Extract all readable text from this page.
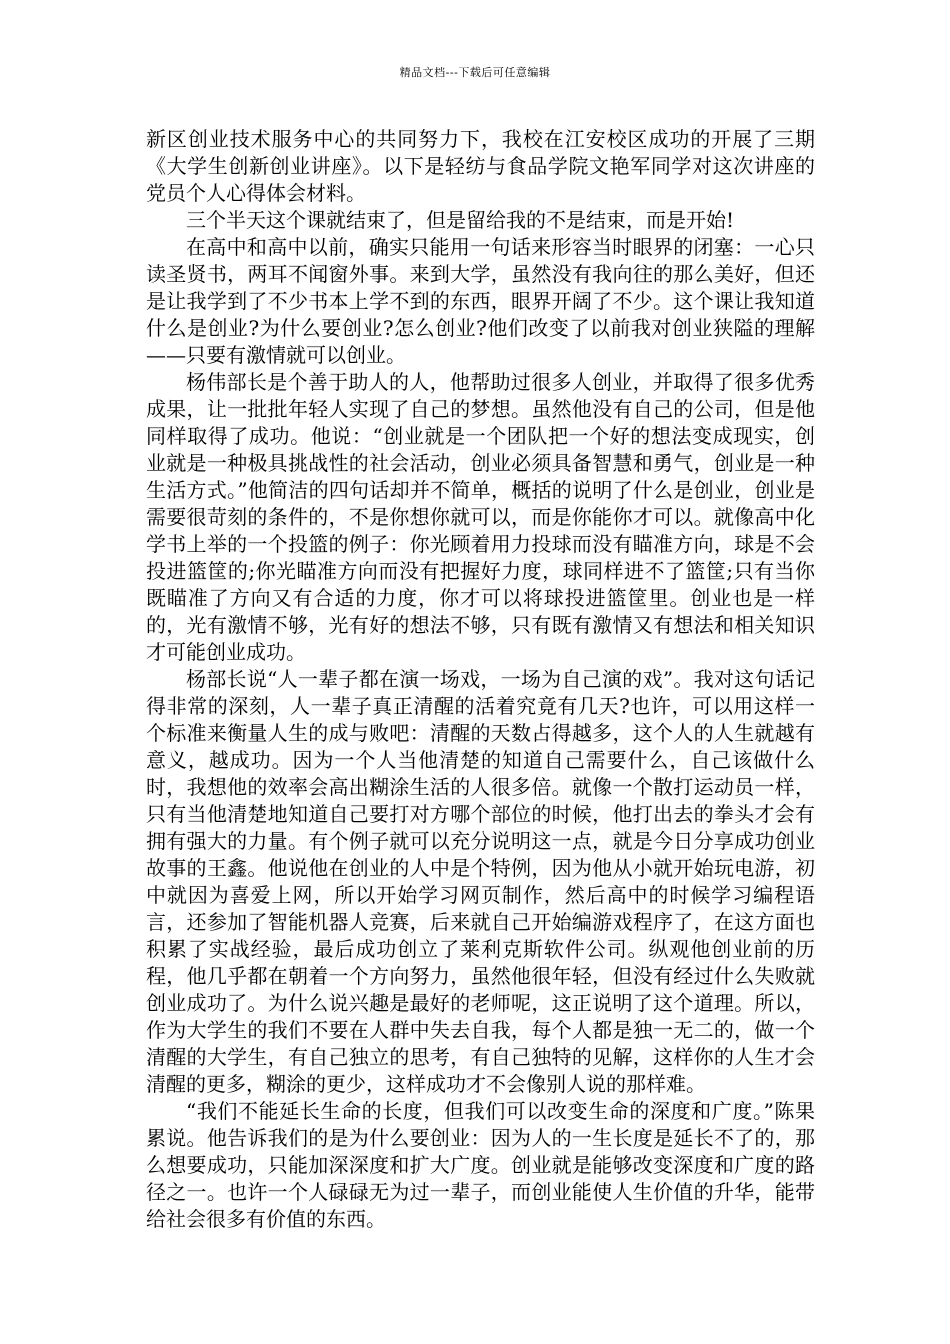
精品文档---下载后可任意编辑

新区创业技术服务中心的共同努力下，我校在江安校区成功的开展了三期《大学生创新创业讲座》。以下是轻纺与食品学院文艳军同学对这次讲座的党员个人心得体会材料。

三个半天这个课就结束了，但是留给我的不是结束，而是开始!

在高中和高中以前，确实只能用一句话来形容当时眼界的闭塞：一心只读圣贤书，两耳不闻窗外事。来到大学，虽然没有我向往的那么美好，但还是让我学到了不少书本上学不到的东西，眼界开阔了不少。这个课让我知道什么是创业?为什么要创业?怎么创业?他们改变了以前我对创业狭隘的理解——只要有激情就可以创业。

杨伟部长是个善于助人的人，他帮助过很多人创业，并取得了很多优秀成果，让一批批年轻人实现了自己的梦想。虽然他没有自己的公司，但是他同样取得了成功。他说：“创业就是一个团队把一个好的想法变成现实，创业就是一种极具挑战性的社会活动，创业必须具备智慧和勇气，创业是一种生活方式。”他简洁的四句话却并不简单，概括的说明了什么是创业，创业是需要很苛刻的条件的，不是你想你就可以，而是你能你才可以。就像高中化学书上举的一个投篮的例子：你光顾着用力投球而没有瞄准方向，球是不会投进篮筐的;你光瞄准方向而没有把握好力度，球同样进不了篮筐;只有当你既瞄准了方向又有合适的力度，你才可以将球投进篮筐里。创业也是一样的，光有激情不够，光有好的想法不够，只有既有激情又有想法和相关知识才可能创业成功。

杨部长说“人一辈子都在演一场戏，一场为自己演的戏”。我对这句话记得非常的深刻，人一辈子真正清醒的活着究竟有几天?也许，可以用这样一个标准来衡量人生的成与败吧：清醒的天数占得越多，这个人的人生就越有意义，越成功。因为一个人当他清楚的知道自己需要什么，自己该做什么时，我想他的效率会高出糊涂生活的人很多倍。就像一个散打运动员一样，只有当他清楚地知道自己要打对方哪个部位的时候，他打出去的拳头才会有拥有强大的力量。有个例子就可以充分说明这一点，就是今日分享成功创业故事的王鑫。他说他在创业的人中是个特例，因为他从小就开始玩电游，初中就因为喜爱上网，所以开始学习网页制作，然后高中的时候学习编程语言，还参加了智能机器人竞赛，后来就自己开始编游戏程序了，在这方面也积累了实战经验，最后成功创立了莱利克斯软件公司。纵观他创业前的历程，他几乎都在朝着一个方向努力，虽然他很年轻，但没有经过什么失败就创业成功了。为什么说兴趣是最好的老师呢，这正说明了这个道理。所以，作为大学生的我们不要在人群中失去自我，每个人都是独一无二的，做一个清醒的大学生，有自己独立的思考，有自己独特的见解，这样你的人生才会清醒的更多，糊涂的更少，这样成功才不会像别人说的那样难。

“我们不能延长生命的长度，但我们可以改变生命的深度和广度。”陈果累说。他告诉我们的是为什么要创业：因为人的一生长度是延长不了的，那么想要成功，只能加深深度和扩大广度。创业就是能够改变深度和广度的路径之一。也许一个人碌碌无为过一辈子，而创业能使人生价值的升华，能带给社会很多有价值的东西。
